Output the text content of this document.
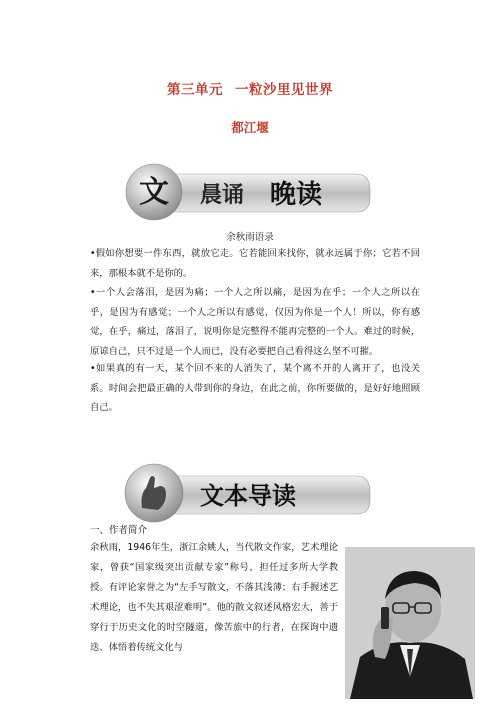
第三单元 一粒沙里见世界
都江堰
文 晨诵 晚读
余秋雨语录
•假如你想要一件东西，就放它走。它若能回来找你，就永远属于你；它若不回来，那根本就不是你的。
•一个人会落泪，是因为痛；一个人之所以痛，是因为在乎；一个人之所以在乎，是因为有感觉；一个人之所以有感觉，仅因为你是一个人！所以，你有感觉，在乎，痛过，落泪了，说明你是完整得不能再完整的一个人。难过的时候，原谅自己，只不过是一个人而已，没有必要把自己看得这么坚不可摧。
•如果真的有一天，某个回不来的人消失了，某个离不开的人离开了，也没关系。时间会把最正确的人带到你的身边，在此之前，你所要做的，是好好地照顾自己。
文本导读
一、作者简介
余秋雨，1946年生，浙江余姚人，当代散文作家，艺术理论家，曾获“国家级突出贡献专家”称号，担任过多所大学教授。有评论家誉之为“左手写散文，不落其浅薄；右手握述艺术理论，也不失其艰涩难明”。他的散文叙述风格宏大，善于穿行于历史文化的时空隧道，像苦旅中的行者，在探询中遗迭、体悟着传统文化与
